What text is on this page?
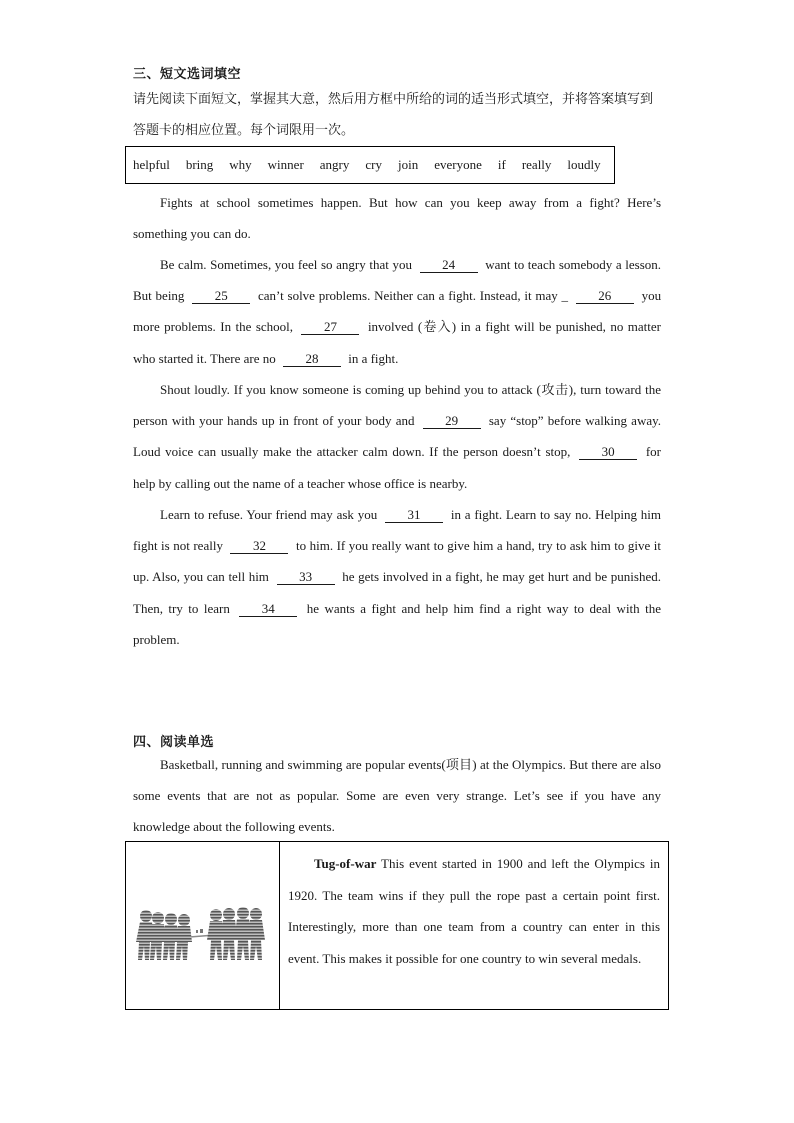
三、短文选词填空
请先阅读下面短文，掌握其大意，然后用方框中所给的词的适当形式填空，并将答案填写到答题卡的相应位置。每个词限用一次。
helpful bring why winner angry cry join everyone if really loudly
Fights at school sometimes happen. But how can you keep away from a fight? Here’s something you can do.
Be calm. Sometimes, you feel so angry that you 24 want to teach somebody a lesson. But being 25 can’t solve problems. Neither can a fight. Instead, it may _ 26 you more problems. In the school, 27 involved (卷入) in a fight will be punished, no matter who started it. There are no 28 in a fight.
Shout loudly. If you know someone is coming up behind you to attack (攻击), turn toward the person with your hands up in front of your body and 29 say “stop” before walking away. Loud voice can usually make the attacker calm down. If the person doesn’t stop, 30 for help by calling out the name of a teacher whose office is nearby.
Learn to refuse. Your friend may ask you 31 in a fight. Learn to say no. Helping him fight is not really 32 to him. If you really want to give him a hand, try to ask him to give it up. Also, you can tell him 33 he gets involved in a fight, he may get hurt and be punished. Then, try to learn 34 he wants a fight and help him find a right way to deal with the problem.
四、阅读单选
Basketball, running and swimming are popular events(项目) at the Olympics. But there are also some events that are not as popular. Some are even very strange. Let’s see if you have any knowledge about the following events.
Tug-of-war This event started in 1900 and left the Olympics in 1920. The team wins if they pull the rope past a certain point first. Interestingly, more than one team from a country can enter in this event. This makes it possible for one country to win several medals.
